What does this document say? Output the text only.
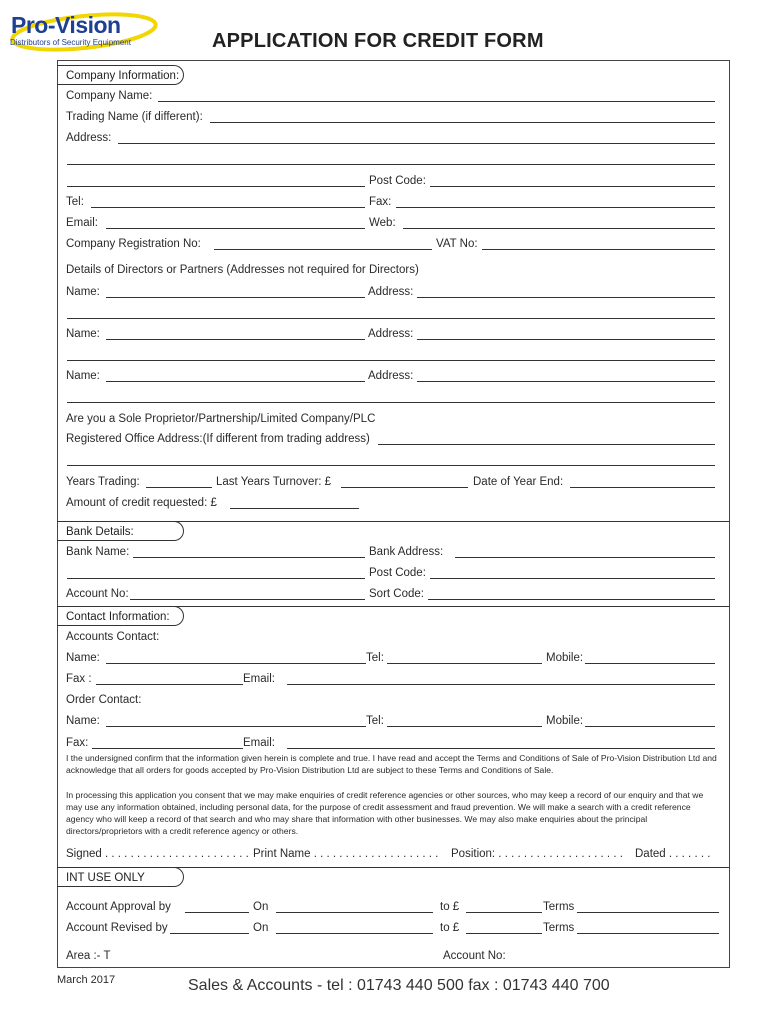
Pro-Vision
Distributors of Security Equipment	APPLICATION FOR CREDIT FORM
Company Information:
Company Name:
Trading Name (if different):
Address:
Post Code:
Tel:	Fax:
Email:	Web:
Company Registration No:	VAT No:
Details of Directors or Partners (Addresses not required for Directors)
Name:	Address:
Name:	Address:
Name:	Address:
Are you a Sole Proprietor/Partnership/Limited Company/PLC
Registered Office Address:(If different from trading address)
Years Trading:	Last Years Turnover: £	Date of Year End:
Amount of credit requested: £
Bank Details:
Bank Name:	Bank Address:
Post Code:
Account No:	Sort Code:
Contact Information:
Accounts Contact:
Name:	Tel:	Mobile:
Fax :	Email:
Order Contact:
Name:	Tel:	Mobile:
Fax:	Email:
I the undersigned confirm that the information given herein is complete and true. I have read and accept the Terms and Conditions of Sale of Pro-Vision Distribution Ltd and acknowledge that all orders for goods accepted by Pro-Vision Distribution Ltd are subject to these Terms and Conditions of Sale.
In processing this application you consent that we may make enquiries of credit reference agencies or other sources, who may keep a record of our enquiry and that we may use any information obtained, including personal data, for the purpose of credit assessment and fraud prevention. We will make a search with a credit reference agency who will keep a record of that search and who may share that information with other businesses. We may also make enquiries about the principal directors/proprietors with a credit reference agency or others.
Signed . . . . . . . . . . . . . . . . . . . . . . . Print Name . . . . . . . . . . . . . . . . . . . . Position: . . . . . . . . . . . . . . . . . . . . Dated . . . . . . .
INT USE ONLY
Account Approval by	On	to £	Terms
Account Revised by	On	to £	Terms
Area :- T	Account No:
March 2017	Sales & Accounts - tel : 01743 440 500 fax : 01743 440 700
